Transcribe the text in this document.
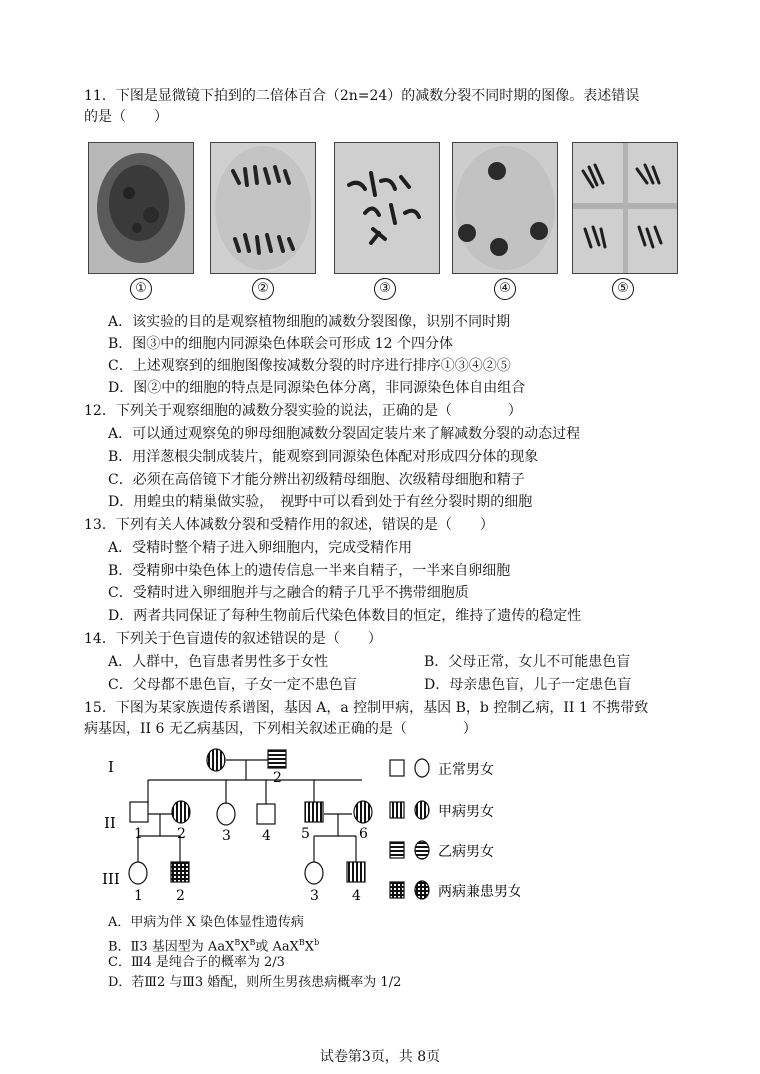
11．下图是显微镜下拍到的二倍体百合（2n=24）的减数分裂不同时期的图像。表述错误
的是（　　）
①	②	③	④	⑤
A．该实验的目的是观察植物细胞的减数分裂图像，识别不同时期
B．图③中的细胞内同源染色体联会可形成 12 个四分体
C．上述观察到的细胞图像按减数分裂的时序进行排序①③④②⑤
D．图②中的细胞的特点是同源染色体分离，非同源染色体自由组合
12．下列关于观察细胞的减数分裂实验的说法，正确的是（　　　　）
A．可以通过观察兔的卵母细胞减数分裂固定装片来了解减数分裂的动态过程
B．用洋葱根尖制成装片，能观察到同源染色体配对形成四分体的现象
C．必须在高倍镜下才能分辨出初级精母细胞、次级精母细胞和精子
D．用蝗虫的精巢做实验，　视野中可以看到处于有丝分裂时期的细胞
13．下列有关人体减数分裂和受精作用的叙述，错误的是（　　）
A．受精时整个精子进入卵细胞内，完成受精作用
B．受精卵中染色体上的遗传信息一半来自精子，一半来自卵细胞
C．受精时进入卵细胞并与之融合的精子几乎不携带细胞质
D．两者共同保证了每种生物前后代染色体数目的恒定，维持了遗传的稳定性
14．下列关于色盲遗传的叙述错误的是（　　）
A．人群中，色盲患者男性多于女性	B．父母正常，女儿不可能患色盲
C．父母都不患色盲，子女一定不患色盲	D．母亲患色盲，儿子一定患色盲
15．下图为某家族遗传系谱图，基因 A，a 控制甲病，基因 B，b 控制乙病，II 1 不携带致
病基因，II 6 无乙病基因，下列相关叙述正确的是（　　　　）
I
II
III
2
1 2	3 4 5	6
1 2	3 4
正常男女
甲病男女
乙病男女
两病兼患男女
A．甲病为伴 X 染色体显性遗传病
B．Ⅱ3 基因型为 $AaX^BX^B$或 $AaX^BX^b$
C．Ⅲ4 是纯合子的概率为 2/3
D．若Ⅲ2 与Ⅲ3 婚配，则所生男孩患病概率为 1/2
试卷第3页，共 8页
